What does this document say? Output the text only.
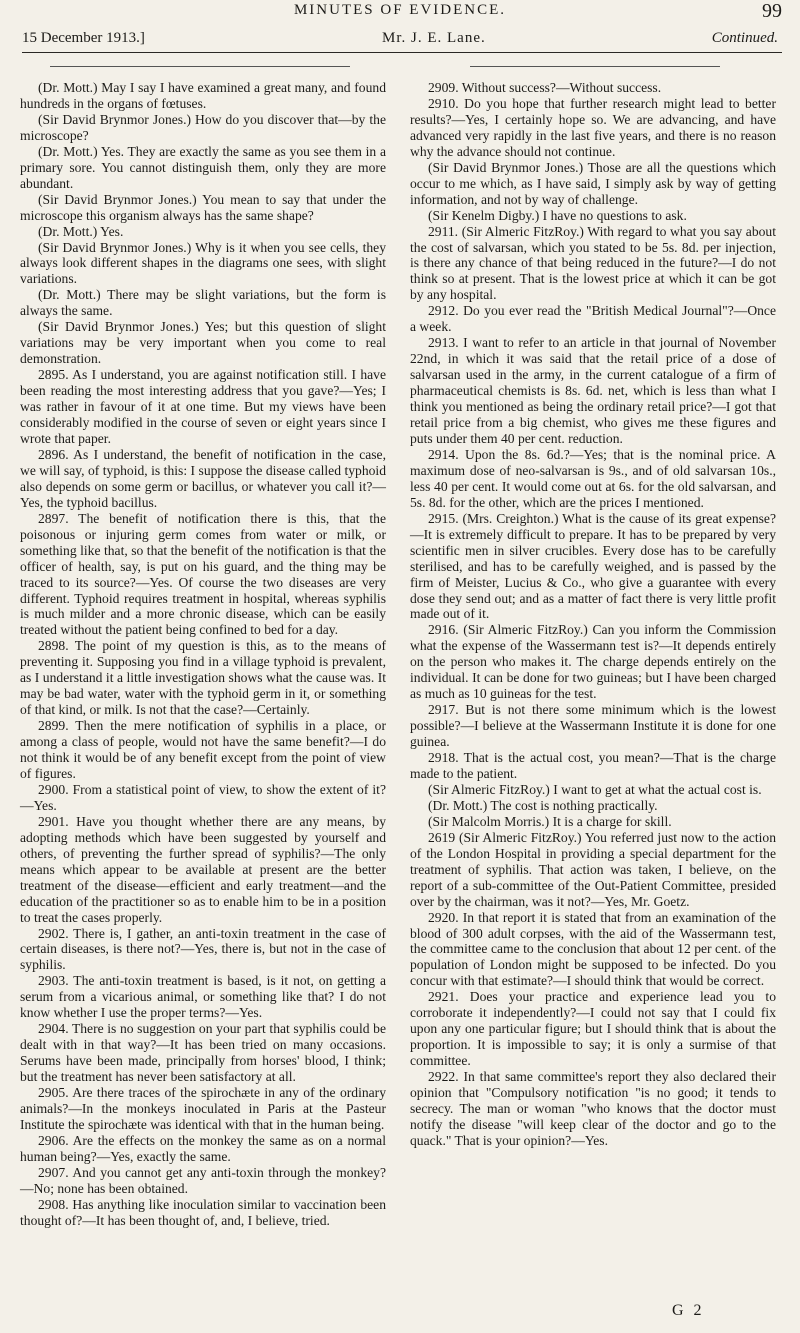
MINUTES OF EVIDENCE.	99
15 December 1913.]	Mr. J. E. Lane.	Continued.

(Dr. Mott.) May I say I have examined a great many, and found hundreds in the organs of fœtuses.

(Sir David Brynmor Jones.) How do you discover that—by the microscope?

(Dr. Mott.) Yes. They are exactly the same as you see them in a primary sore. You cannot distinguish them, only they are more abundant.

(Sir David Brynmor Jones.) You mean to say that under the microscope this organism always has the same shape?

(Dr. Mott.) Yes.

(Sir David Brynmor Jones.) Why is it when you see cells, they always look different shapes in the diagrams one sees, with slight variations.

(Dr. Mott.) There may be slight variations, but the form is always the same.

(Sir David Brynmor Jones.) Yes; but this question of slight variations may be very important when you come to real demonstration.

2895. As I understand, you are against notification still. I have been reading the most interesting address that you gave?—Yes; I was rather in favour of it at one time. But my views have been considerably modified in the course of seven or eight years since I wrote that paper.

2896. As I understand, the benefit of notification in the case, we will say, of typhoid, is this: I suppose the disease called typhoid also depends on some germ or bacillus, or whatever you call it?—Yes, the typhoid bacillus.

2897. The benefit of notification there is this, that the poisonous or injuring germ comes from water or milk, or something like that, so that the benefit of the notification is that the officer of health, say, is put on his guard, and the thing may be traced to its source?—Yes. Of course the two diseases are very different. Typhoid requires treatment in hospital, whereas syphilis is much milder and a more chronic disease, which can be easily treated without the patient being confined to bed for a day.

2898. The point of my question is this, as to the means of preventing it. Supposing you find in a village typhoid is prevalent, as I understand it a little investigation shows what the cause was. It may be bad water, water with the typhoid germ in it, or something of that kind, or milk. Is not that the case?—Certainly.

2899. Then the mere notification of syphilis in a place, or among a class of people, would not have the same benefit?—I do not think it would be of any benefit except from the point of view of figures.

2900. From a statistical point of view, to show the extent of it?—Yes.

2901. Have you thought whether there are any means, by adopting methods which have been suggested by yourself and others, of preventing the further spread of syphilis?—The only means which appear to be available at present are the better treatment of the disease—efficient and early treatment—and the education of the practitioner so as to enable him to be in a position to treat the cases properly.

2902. There is, I gather, an anti-toxin treatment in the case of certain diseases, is there not?—Yes, there is, but not in the case of syphilis.

2903. The anti-toxin treatment is based, is it not, on getting a serum from a vicarious animal, or something like that? I do not know whether I use the proper terms?—Yes.

2904. There is no suggestion on your part that syphilis could be dealt with in that way?—It has been tried on many occasions. Serums have been made, principally from horses' blood, I think; but the treatment has never been satisfactory at all.

2905. Are there traces of the spirochæte in any of the ordinary animals?—In the monkeys inoculated in Paris at the Pasteur Institute the spirochæte was identical with that in the human being.

2906. Are the effects on the monkey the same as on a normal human being?—Yes, exactly the same.

2907. And you cannot get any anti-toxin through the monkey?—No; none has been obtained.

2908. Has anything like inoculation similar to vaccination been thought of?—It has been thought of, and, I believe, tried.

2909. Without success?—Without success.

2910. Do you hope that further research might lead to better results?—Yes, I certainly hope so. We are advancing, and have advanced very rapidly in the last five years, and there is no reason why the advance should not continue.

(Sir David Brynmor Jones.) Those are all the questions which occur to me which, as I have said, I simply ask by way of getting information, and not by way of challenge.

(Sir Kenelm Digby.) I have no questions to ask.

2911. (Sir Almeric FitzRoy.) With regard to what you say about the cost of salvarsan, which you stated to be 5s. 8d. per injection, is there any chance of that being reduced in the future?—I do not think so at present. That is the lowest price at which it can be got by any hospital.

2912. Do you ever read the "British Medical Journal"?—Once a week.

2913. I want to refer to an article in that journal of November 22nd, in which it was said that the retail price of a dose of salvarsan used in the army, in the current catalogue of a firm of pharmaceutical chemists is 8s. 6d. net, which is less than what I think you mentioned as being the ordinary retail price?—I got that retail price from a big chemist, who gives me these figures and puts under them 40 per cent. reduction.

2914. Upon the 8s. 6d.?—Yes; that is the nominal price. A maximum dose of neo-salvarsan is 9s., and of old salvarsan 10s., less 40 per cent. It would come out at 6s. for the old salvarsan, and 5s. 8d. for the other, which are the prices I mentioned.

2915. (Mrs. Creighton.) What is the cause of its great expense?—It is extremely difficult to prepare. It has to be prepared by very scientific men in silver crucibles. Every dose has to be carefully sterilised, and has to be carefully weighed, and is passed by the firm of Meister, Lucius & Co., who give a guarantee with every dose they send out; and as a matter of fact there is very little profit made out of it.

2916. (Sir Almeric FitzRoy.) Can you inform the Commission what the expense of the Wassermann test is?—It depends entirely on the person who makes it. The charge depends entirely on the individual. It can be done for two guineas; but I have been charged as much as 10 guineas for the test.

2917. But is not there some minimum which is the lowest possible?—I believe at the Wassermann Institute it is done for one guinea.

2918. That is the actual cost, you mean?—That is the charge made to the patient.

(Sir Almeric FitzRoy.) I want to get at what the actual cost is.

(Dr. Mott.) The cost is nothing practically.

(Sir Malcolm Morris.) It is a charge for skill.

2619 (Sir Almeric FitzRoy.) You referred just now to the action of the London Hospital in providing a special department for the treatment of syphilis. That action was taken, I believe, on the report of a sub-committee of the Out-Patient Committee, presided over by the chairman, was it not?—Yes, Mr. Goetz.

2920. In that report it is stated that from an examination of the blood of 300 adult corpses, with the aid of the Wassermann test, the committee came to the conclusion that about 12 per cent. of the population of London might be supposed to be infected. Do you concur with that estimate?—I should think that would be correct.

2921. Does your practice and experience lead you to corroborate it independently?—I could not say that I could fix upon any one particular figure; but I should think that is about the proportion. It is impossible to say; it is only a surmise of that committee.

2922. In that same committee's report they also declared their opinion that "Compulsory notification "is no good; it tends to secrecy. The man or woman "who knows that the doctor must notify the disease "will keep clear of the doctor and go to the quack." That is your opinion?—Yes.

G 2
